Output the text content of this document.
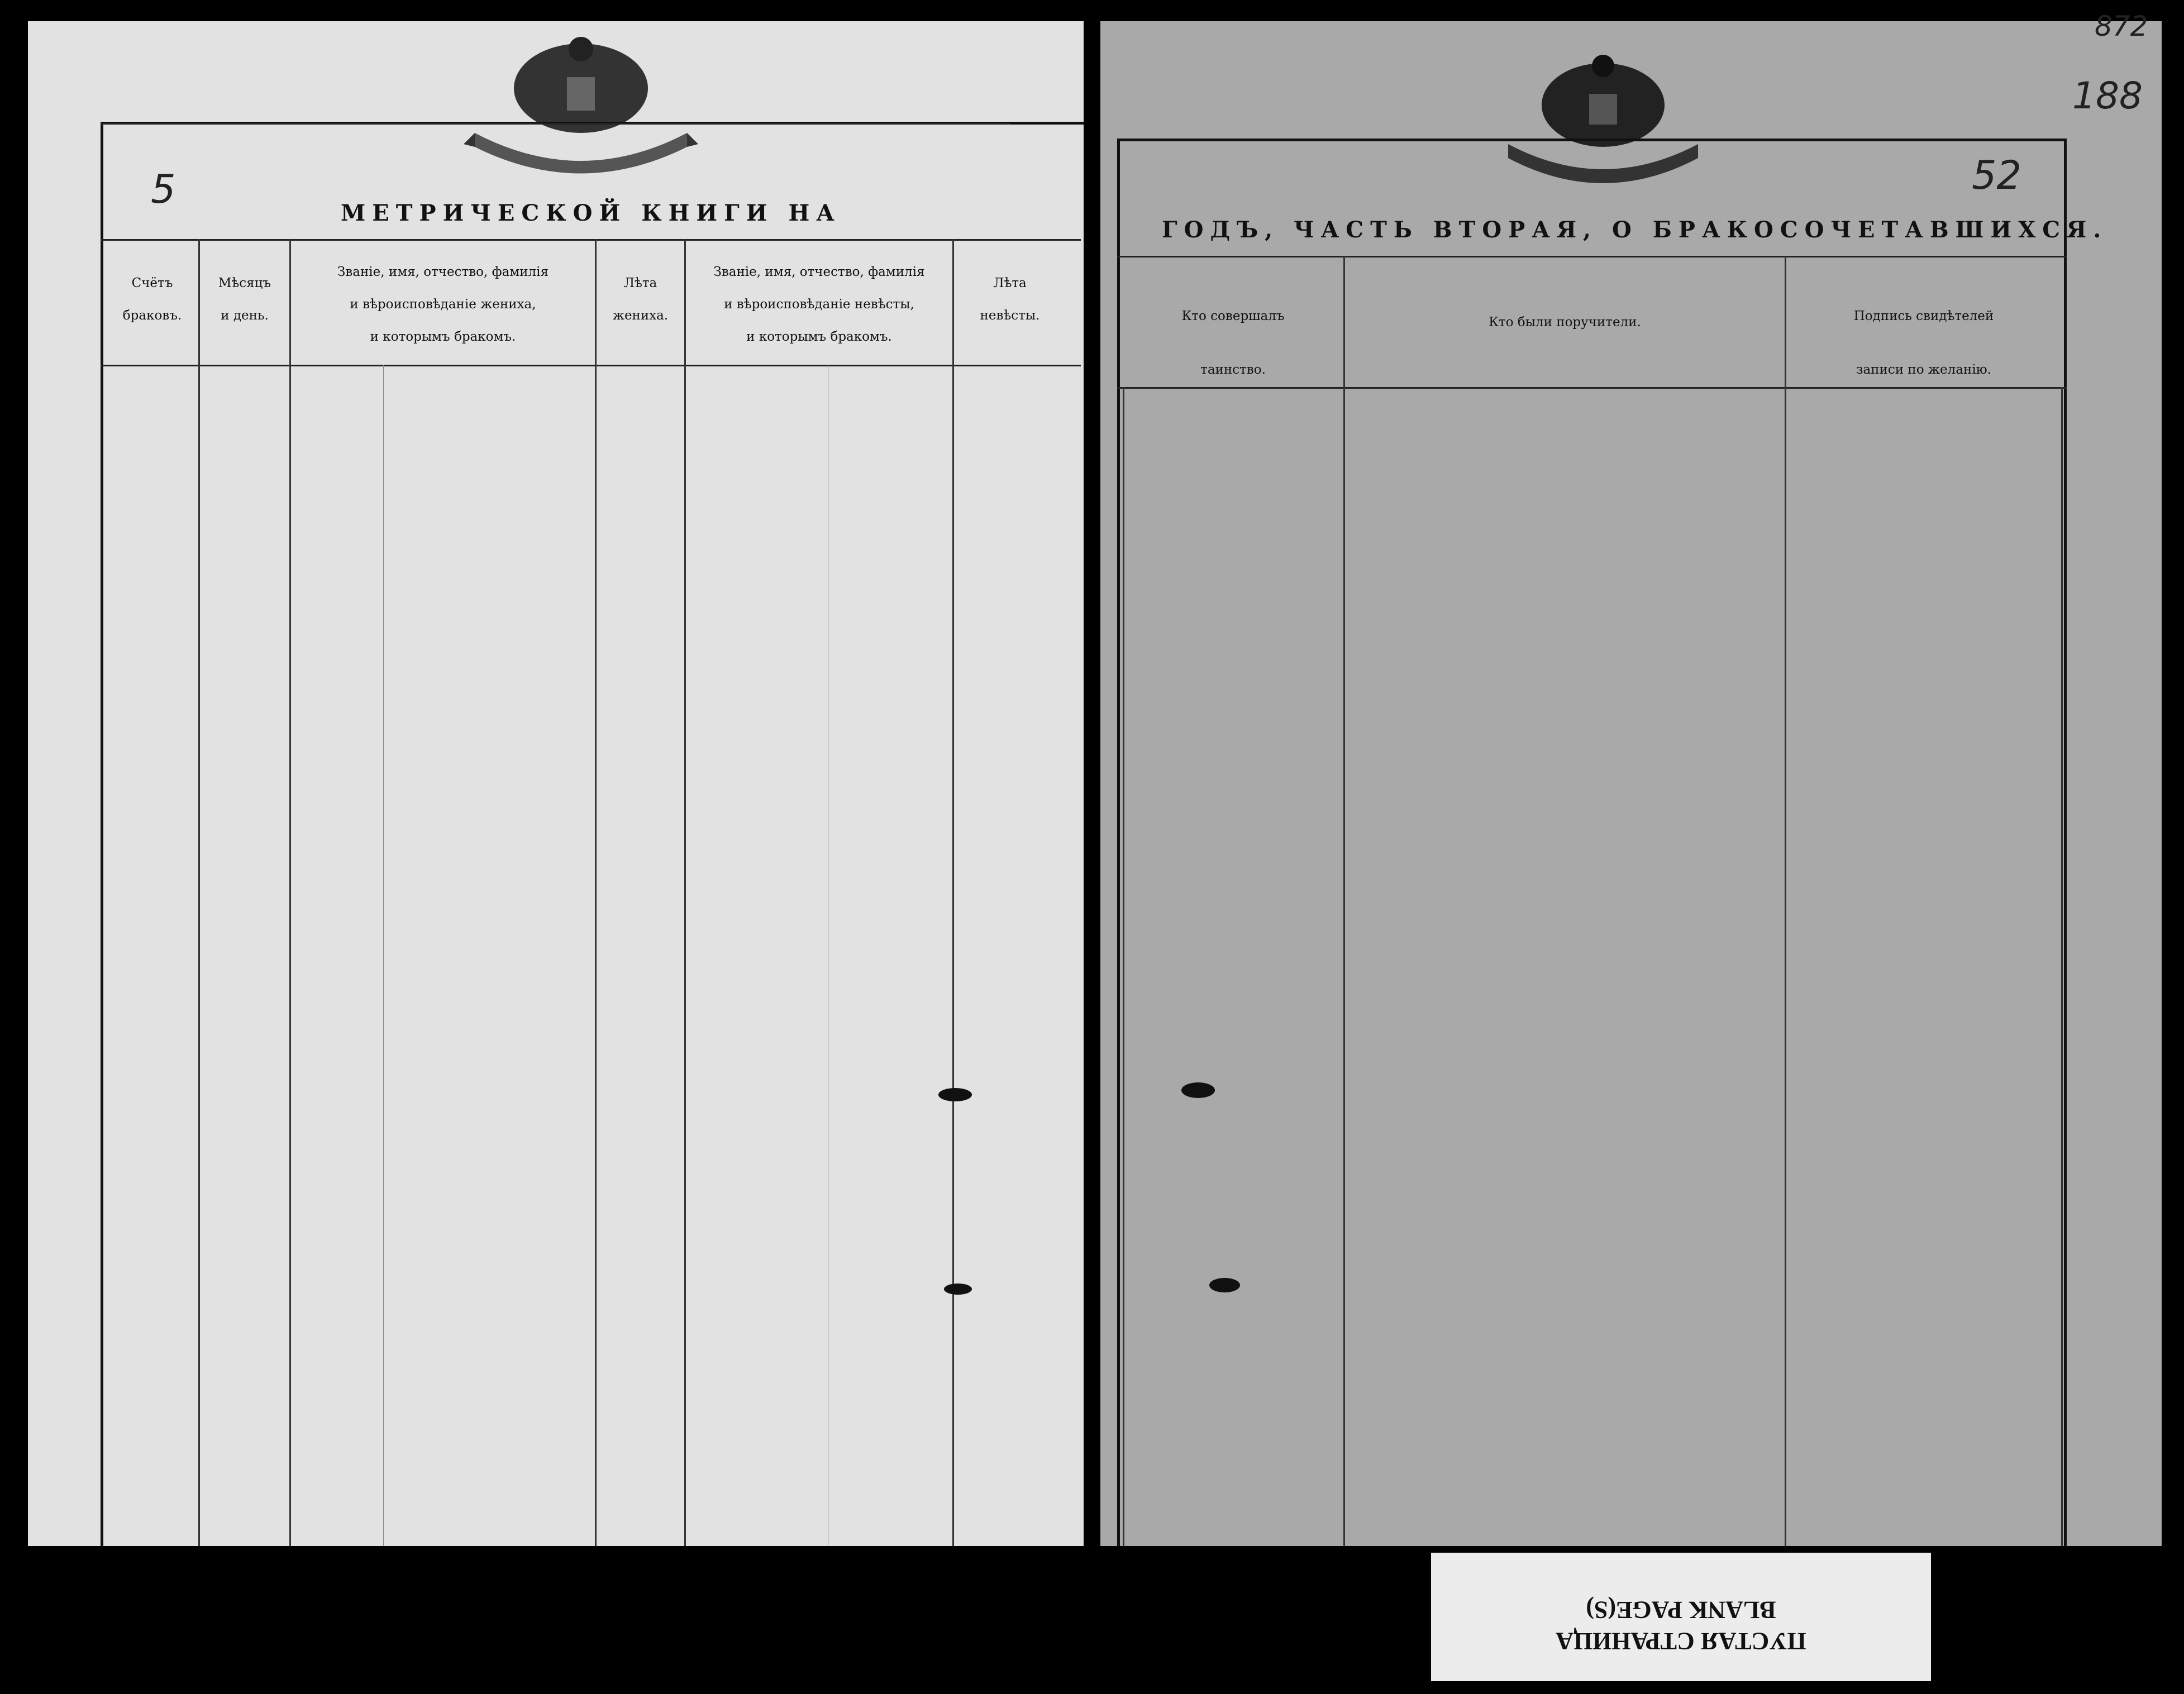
МЕТРИЧЕСКОЙ КНИГИ НА
5
Счётъ
браковъ.
Мѣсяцъ
и день.
Званіе, имя, отчество, фамилія
и вѣроисповѣданіе жениха,
и которымъ бракомъ.
Лѣта
жениха.
Званіе, имя, отчество, фамилія
и вѣроисповѣданіе невѣсты,
и которымъ бракомъ.
Лѣта
невѣсты.
ГОДЪ, ЧАСТЬ ВТОРАЯ, О БРАКОСОЧЕТАВШИХСЯ.
52
188
872
Кто совершалъ
таинство.
Кто были поручители.	Подпись свидѣтелей
записи по желанію.
ПУСТАЯ СТРАНИЦА
BLANK PAGE(S)
